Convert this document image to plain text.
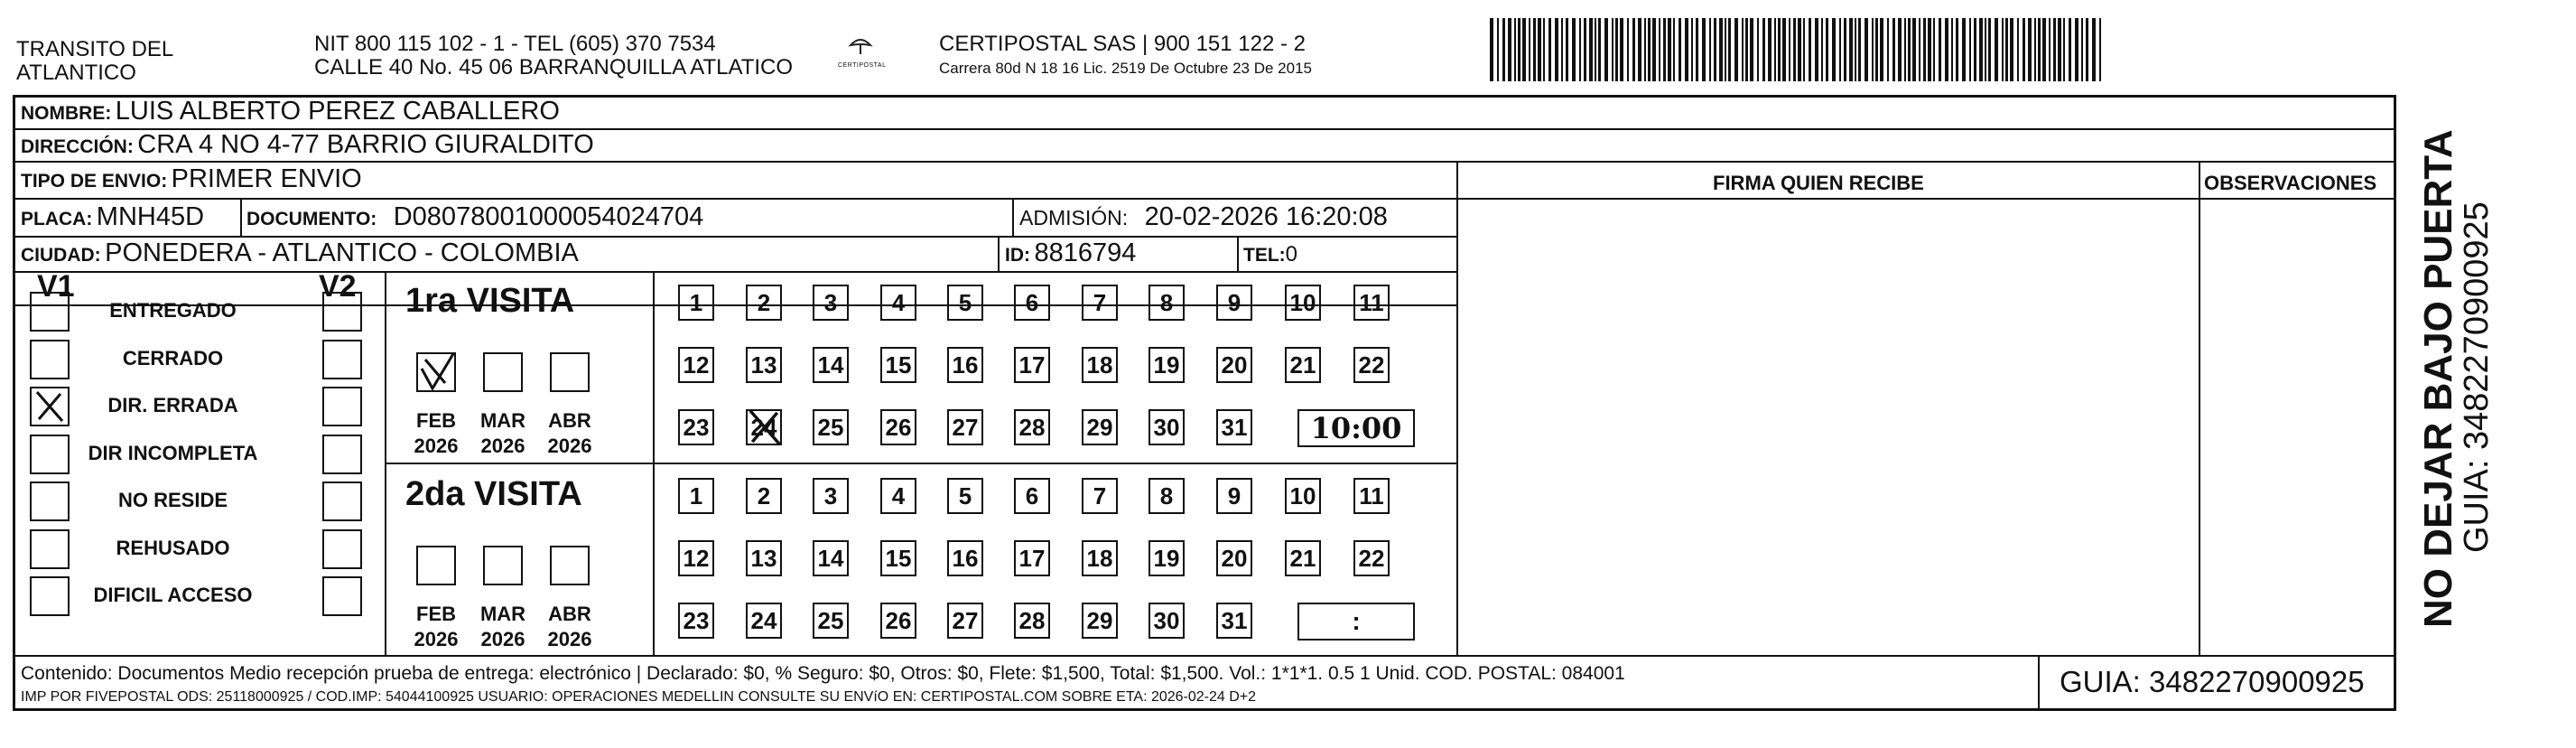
TRANSITO DEL
ATLANTICO
NIT 800 115 102 - 1 - TEL (605) 370 7534
CALLE 40 No. 45 06 BARRANQUILLA ATLATICO	CERTIPOSTAL
CERTIPOSTAL SAS | 900 151 122 - 2
Carrera 80d N 18 16 Lic. 2519 De Octubre 23 De 2015
NOMBRE: LUIS ALBERTO PEREZ CABALLERO
DIRECCIÓN: CRA 4 NO 4-77 BARRIO GIURALDITO
TIPO DE ENVIO: PRIMER ENVIO	FIRMA QUIEN RECIBE	OBSERVACIONES
PLACA: MNH45D DOCUMENTO: D08078001000054024704	ADMISIÓN: 20-02-2026 16:20:08
CIUDAD: PONEDERA - ATLANTICO - COLOMBIA	ID: 8816794	TEL:0
V1	V2
ENTREGADO
CERRADO
DIR. ERRADA
DIR INCOMPLETA
NO RESIDE
REHUSADO
DIFICIL ACCESO
1ra VISITA
2da VISITA
FEB
2026
MAR
2026
ABR
2026
FEB
2026
MAR
2026
ABR
2026
1	2	3	4	5	6	7	8	9	10 11
12 13 14 15 16 17 18 19 20 21 22
23 24 25 26 27 28 29 30 31	10:00
1	2	3	4	5	6	7	8	9	10 11
12 13 14 15 16 17 18 19 20 21 22
23 24 25 26 27 28 29 30 31	:
Contenido: Documentos Medio recepción prueba de entrega: electrónico | Declarado: $0, % Seguro: $0, Otros: $0, Flete: $1,500, Total: $1,500. Vol.: 1*1*1. 0.5 1 Unid. COD. POSTAL: 084001
IMP POR FIVEPOSTAL ODS: 25118000925 / COD.IMP: 54044100925 USUARIO: OPERACIONES MEDELLIN CONSULTE SU ENVíO EN: CERTIPOSTAL.COM SOBRE ETA: 2026-02-24 D+2	GUIA: 3482270900925
NO DEJAR BAJO PUERTA
GUIA: 3482270900925
